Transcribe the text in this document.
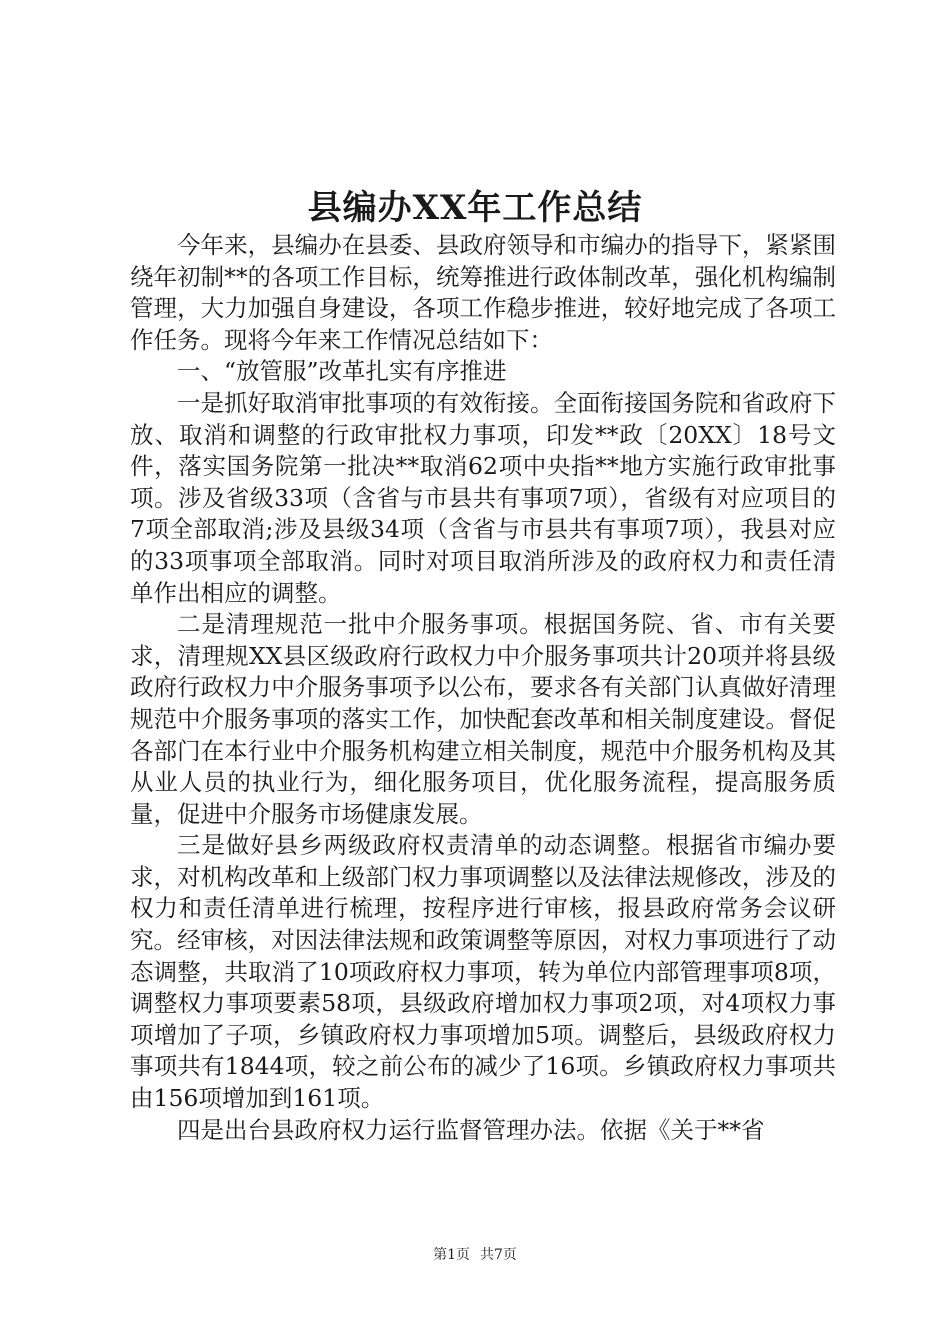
县编办XX年工作总结

今年来，县编办在县委、县政府领导和市编办的指导下，紧紧围绕年初制**的各项工作目标，统筹推进行政体制改革，强化机构编制管理，大力加强自身建设，各项工作稳步推进，较好地完成了各项工作任务。现将今年来工作情况总结如下：

一、“放管服”改革扎实有序推进

一是抓好取消审批事项的有效衔接。全面衔接国务院和省政府下放、取消和调整的行政审批权力事项，印发**政〔20XX〕18号文件，落实国务院第一批决**取消62项中央指**地方实施行政审批事项。涉及省级33项（含省与市县共有事项7项），省级有对应项目的7项全部取消;涉及县级34项（含省与市县共有事项7项），我县对应的33项事项全部取消。同时对项目取消所涉及的政府权力和责任清单作出相应的调整。

二是清理规范一批中介服务事项。根据国务院、省、市有关要求，清理规XX县区级政府行政权力中介服务事项共计20项并将县级政府行政权力中介服务事项予以公布，要求各有关部门认真做好清理规范中介服务事项的落实工作，加快配套改革和相关制度建设。督促各部门在本行业中介服务机构建立相关制度，规范中介服务机构及其从业人员的执业行为，细化服务项目，优化服务流程，提高服务质量，促进中介服务市场健康发展。

三是做好县乡两级政府权责清单的动态调整。根据省市编办要求，对机构改革和上级部门权力事项调整以及法律法规修改，涉及的权力和责任清单进行梳理，按程序进行审核，报县政府常务会议研究。经审核，对因法律法规和政策调整等原因，对权力事项进行了动态调整，共取消了10项政府权力事项，转为单位内部管理事项8项，调整权力事项要素58项，县级政府增加权力事项2项，对4项权力事项增加了子项，乡镇政府权力事项增加5项。调整后，县级政府权力事项共有1844项，较之前公布的减少了16项。乡镇政府权力事项共由156项增加到161项。

四是出台县政府权力运行监督管理办法。依据《关于**省

第1页 共7页
